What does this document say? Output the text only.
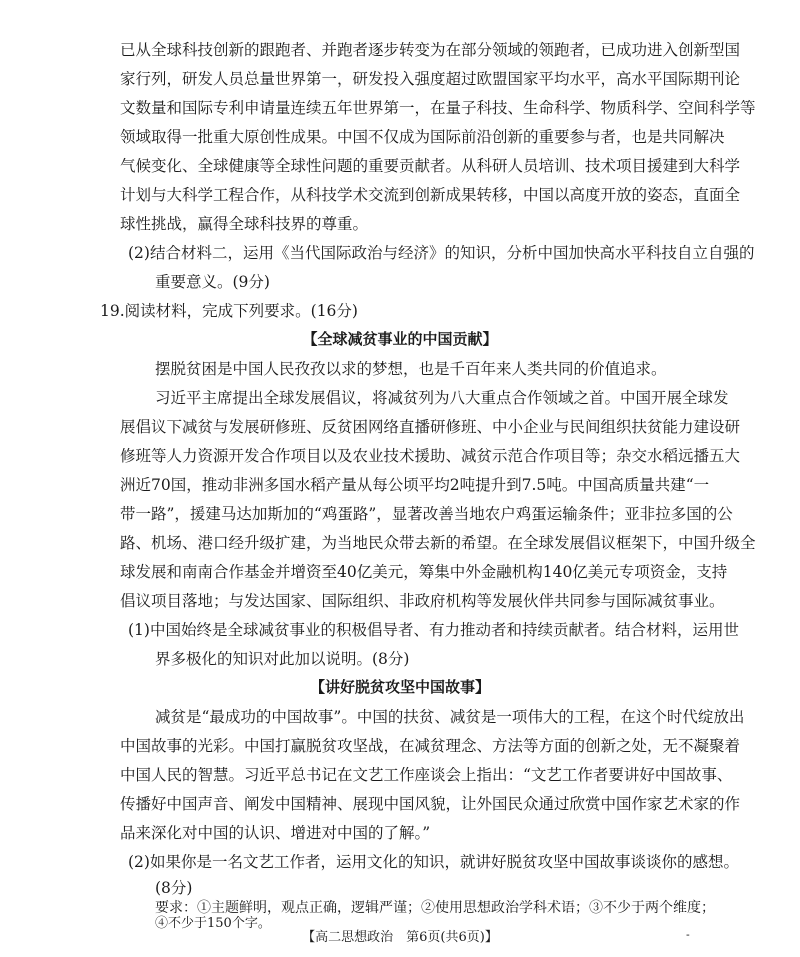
已从全球科技创新的跟跑者、并跑者逐步转变为在部分领域的领跑者，已成功进入创新型国
家行列，研发人员总量世界第一，研发投入强度超过欧盟国家平均水平，高水平国际期刊论
文数量和国际专利申请量连续五年世界第一，在量子科技、生命科学、物质科学、空间科学等
领域取得一批重大原创性成果。中国不仅成为国际前沿创新的重要参与者，也是共同解决
气候变化、全球健康等全球性问题的重要贡献者。从科研人员培训、技术项目援建到大科学
计划与大科学工程合作，从科技学术交流到创新成果转移，中国以高度开放的姿态，直面全
球性挑战，赢得全球科技界的尊重。
(2)结合材料二，运用《当代国际政治与经济》的知识，分析中国加快高水平科技自立自强的
重要意义。(9分)
19.阅读材料，完成下列要求。(16分)
【全球减贫事业的中国贡献】
摆脱贫困是中国人民孜孜以求的梦想，也是千百年来人类共同的价值追求。
习近平主席提出全球发展倡议，将减贫列为八大重点合作领域之首。中国开展全球发
展倡议下减贫与发展研修班、反贫困网络直播研修班、中小企业与民间组织扶贫能力建设研
修班等人力资源开发合作项目以及农业技术援助、减贫示范合作项目等；杂交水稻远播五大
洲近70国，推动非洲多国水稻产量从每公顷平均2吨提升到7.5吨。中国高质量共建“一
带一路”，援建马达加斯加的“鸡蛋路”，显著改善当地农户鸡蛋运输条件；亚非拉多国的公
路、机场、港口经升级扩建，为当地民众带去新的希望。在全球发展倡议框架下，中国升级全
球发展和南南合作基金并增资至40亿美元，筹集中外金融机构140亿美元专项资金，支持
倡议项目落地；与发达国家、国际组织、非政府机构等发展伙伴共同参与国际减贫事业。
(1)中国始终是全球减贫事业的积极倡导者、有力推动者和持续贡献者。结合材料，运用世
界多极化的知识对此加以说明。(8分)
【讲好脱贫攻坚中国故事】
减贫是“最成功的中国故事”。中国的扶贫、减贫是一项伟大的工程，在这个时代绽放出
中国故事的光彩。中国打赢脱贫攻坚战，在减贫理念、方法等方面的创新之处，无不凝聚着
中国人民的智慧。习近平总书记在文艺工作座谈会上指出：“文艺工作者要讲好中国故事、
传播好中国声音、阐发中国精神、展现中国风貌，让外国民众通过欣赏中国作家艺术家的作
品来深化对中国的认识、增进对中国的了解。”
(2)如果你是一名文艺工作者，运用文化的知识，就讲好脱贫攻坚中国故事谈谈你的感想。
(8分)
要求：①主题鲜明，观点正确，逻辑严谨；②使用思想政治学科术语；③不少于两个维度；
【高二思想政治　第6页(共6页)】	-
④不少于150个字。
